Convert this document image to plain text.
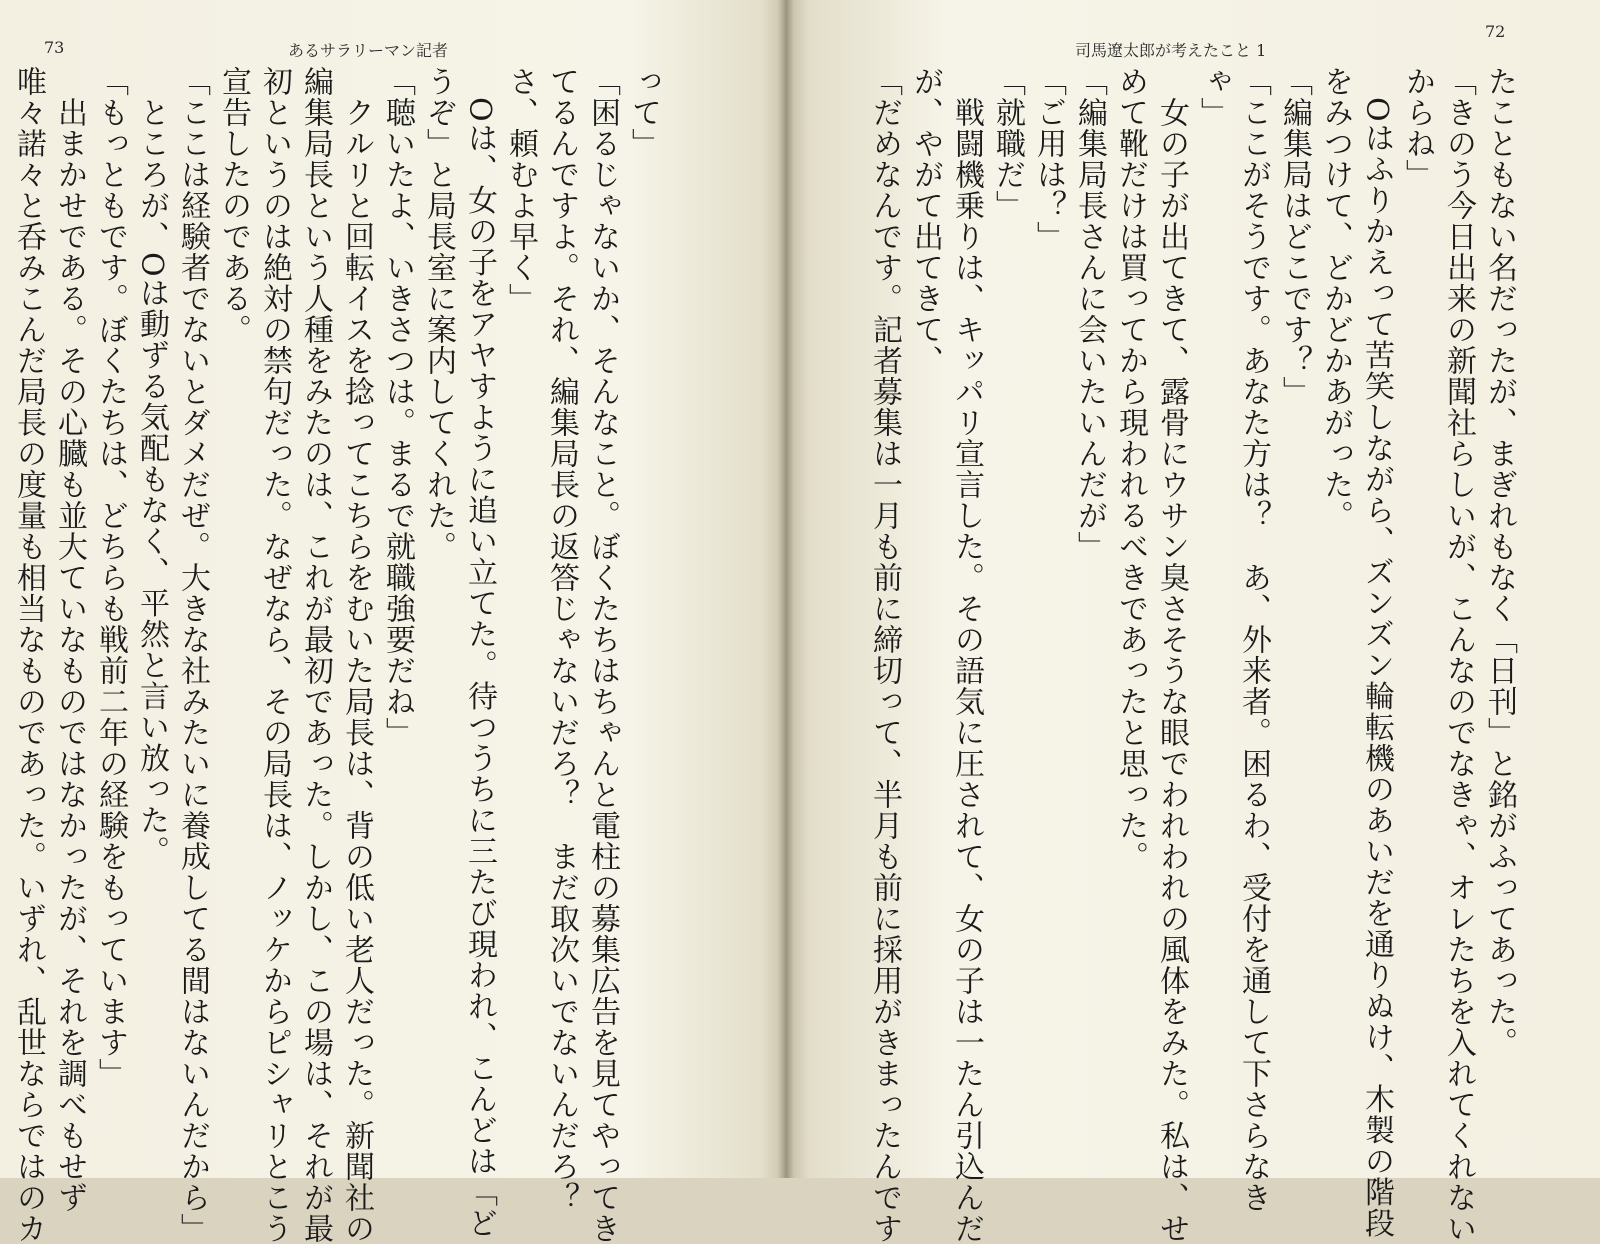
73	あるサラリーマン記者
って」
「困るじゃないか、そんなこと。ぼくたちはちゃんと電柱の募集広告を見てやってき
てるんですよ。それ、編集局長の返答じゃないだろ？　まだ取次いでないんだろ？
さ、頼むよ早く」
　Oは、女の子をアヤすように追い立てた。待つうちに三たび現われ、こんどは「ど
うぞ」と局長室に案内してくれた。
「聴いたよ、いきさつは。まるで就職強要だね」
　クルリと回転イスを捻ってこちらをむいた局長は、背の低い老人だった。新聞社の
編集局長という人種をみたのは、これが最初であった。しかし、この場は、それが最
初というのは絶対の禁句だった。なぜなら、その局長は、ノッケからピシャリとこう
宣告したのである。
「ここは経験者でないとダメだぜ。大きな社みたいに養成してる間はないんだから」
　ところが、Oは動ずる気配もなく、平然と言い放った。
「もっともです。ぼくたちは、どちらも戦前二年の経験をもっています」
　出まかせである。その心臓も並大ていなものではなかったが、それを調べもせず
唯々諾々と呑みこんだ局長の度量も相当なものであった。いずれ、乱世ならではのカ
司馬遼太郎が考えたこと 1
72
たこともない名だったが、まぎれもなく「日刊」と銘がふってあった。
「きのう今日出来の新聞社らしいが、こんなのでなきゃ、オレたちを入れてくれない
からね」
　Oはふりかえって苦笑しながら、ズンズン輪転機のあいだを通りぬけ、木製の階段
をみつけて、どかどかあがった。
「編集局はどこです？」
「ここがそうです。あなた方は？　あ、外来者。困るわ、受付を通して下さらなき
ゃ」
　女の子が出てきて、露骨にウサン臭さそうな眼でわれわれの風体をみた。私は、せ
めて靴だけは買ってから現われるべきであったと思った。
「編集局長さんに会いたいんだが」
「ご用は？」
「就職だ」
　戦闘機乗りは、キッパリ宣言した。その語気に圧されて、女の子は一たん引込んだ
が、やがて出てきて、
「だめなんです。記者募集は一月も前に締切って、半月も前に採用がきまったんです
